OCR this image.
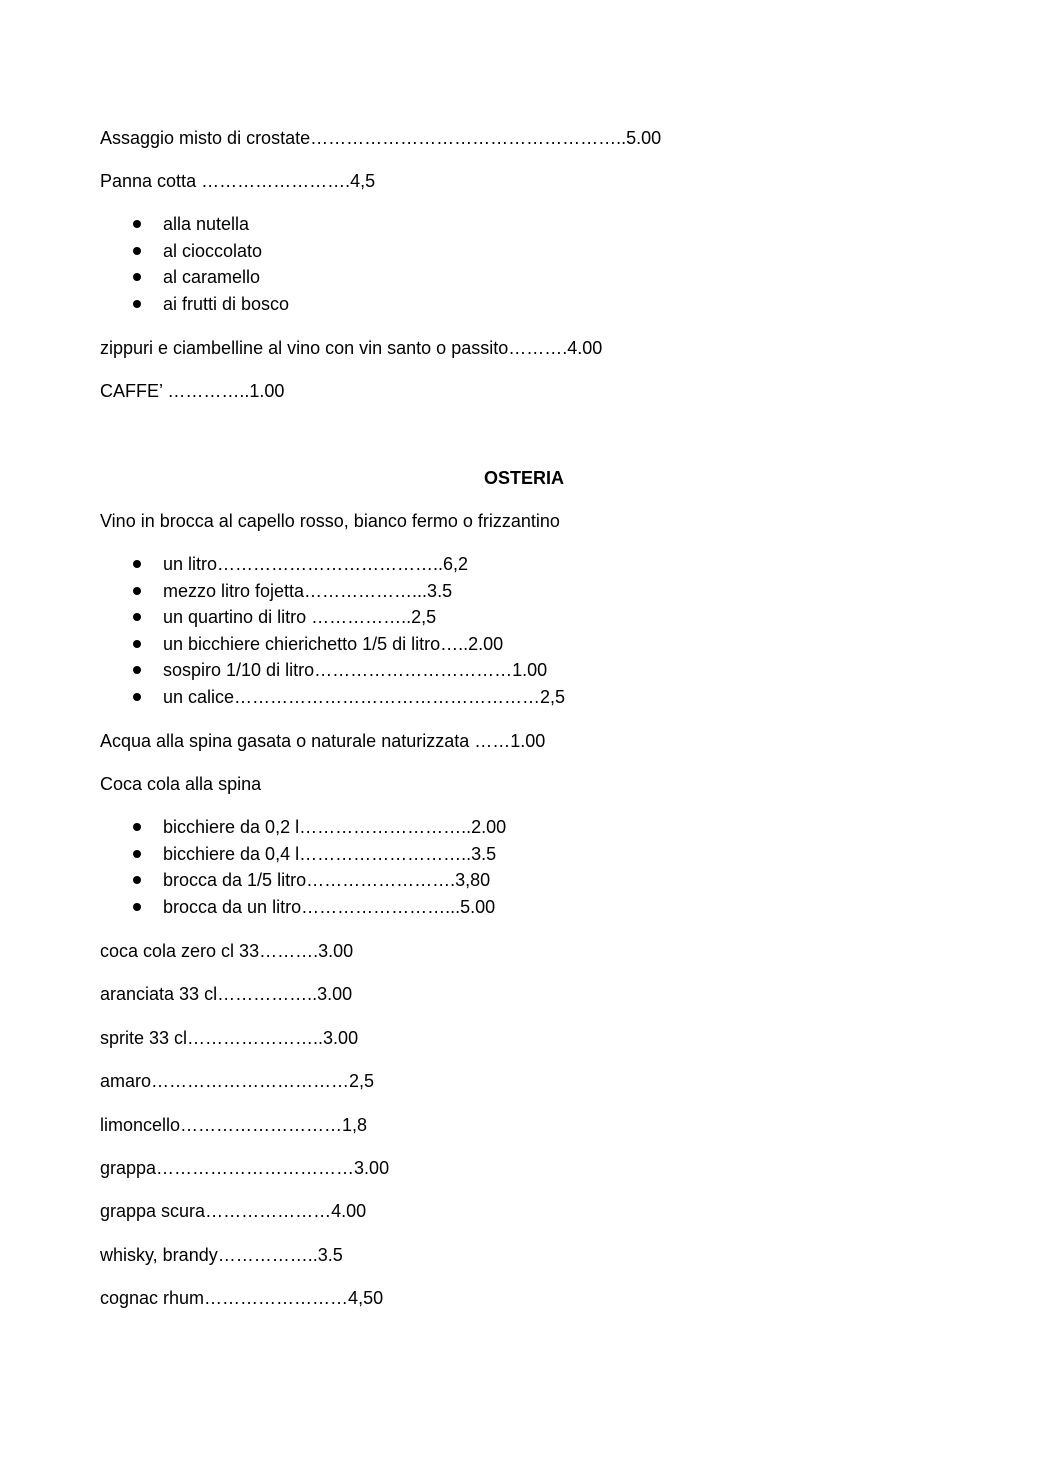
Assaggio misto di crostate……………………………………………..5.00
Panna cotta …………………….4,5
alla nutella
al cioccolato
al caramello
ai frutti di bosco
zippuri e ciambelline al vino con vin santo o passito……….4.00
CAFFE’ …………..1.00
OSTERIA
Vino in brocca al capello rosso, bianco fermo o frizzantino
un litro………………………………..6,2
mezzo litro fojetta………………...3.5
un quartino di litro ……………..2,5
un bicchiere chierichetto 1/5 di litro…..2.00
sospiro 1/10 di litro……………………………1.00
un calice……………………………………………2,5
Acqua alla spina gasata o naturale naturizzata ……1.00
Coca cola alla spina
bicchiere da 0,2 l………………………..2.00
bicchiere da 0,4 l………………………..3.5
brocca da 1/5 litro…………………….3,80
brocca da un litro……………………...5.00
coca cola zero cl 33……….3.00
aranciata 33 cl……………..3.00
sprite 33 cl…………………..3.00
amaro……………………………2,5
limoncello………………………1,8
grappa……………………………3.00
grappa scura…………………4.00
whisky, brandy……………..3.5
cognac rhum……………………4,50
